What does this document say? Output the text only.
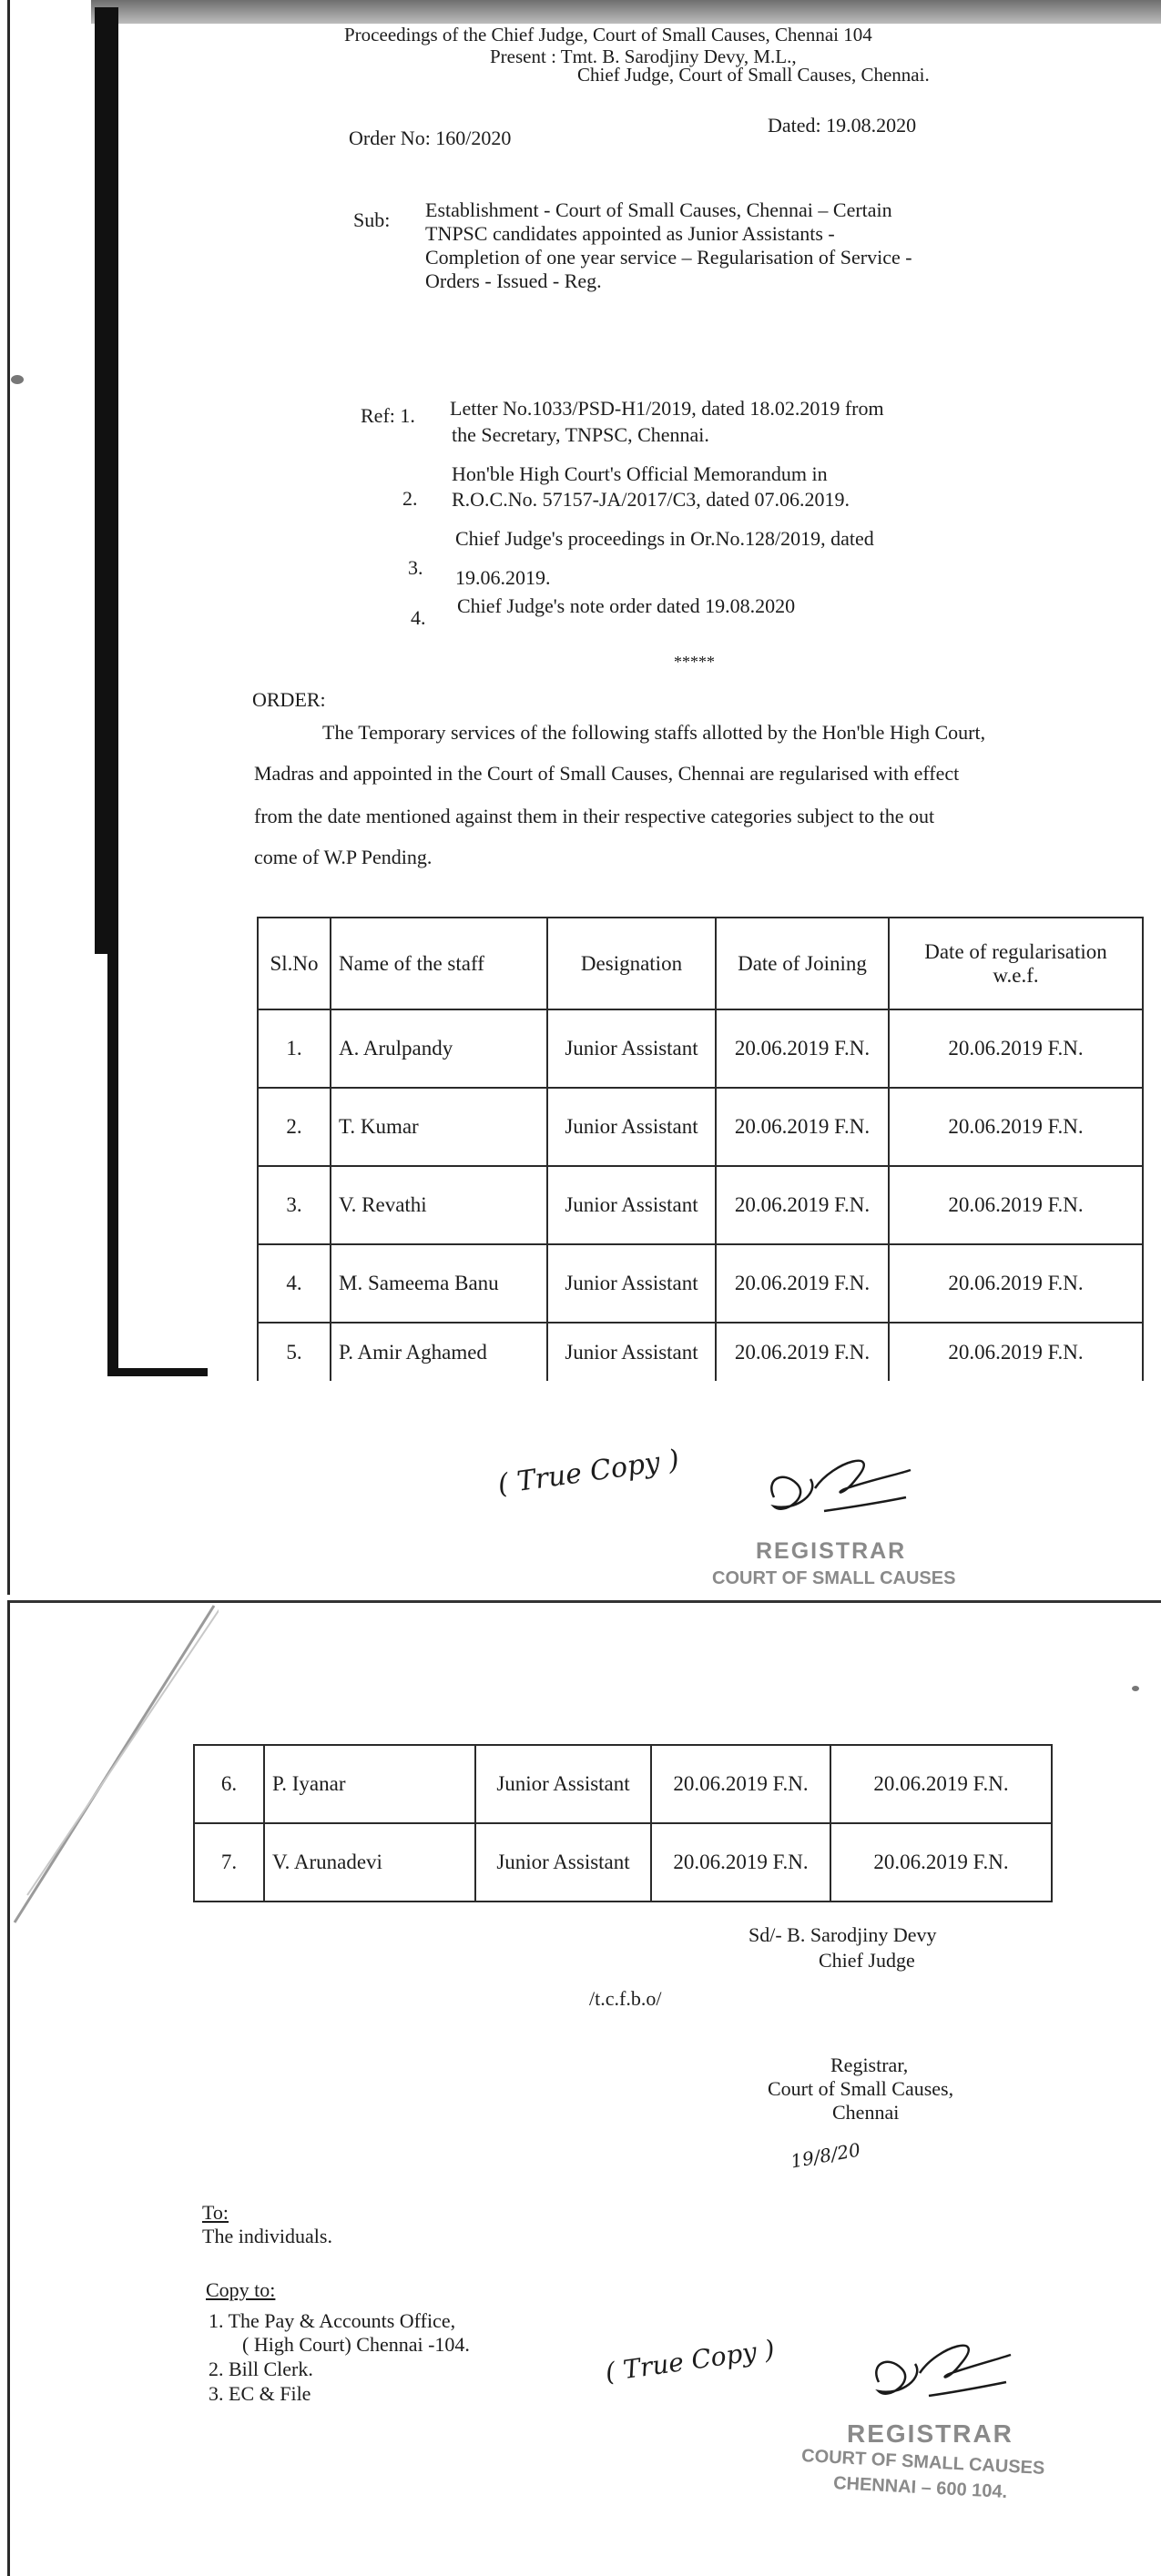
Proceedings of the Chief Judge, Court of Small Causes, Chennai 104
Present : Tmt. B. Sarodjiny Devy, M.L.,
Chief Judge, Court of Small Causes, Chennai.
Order No: 160/2020
Dated: 19.08.2020
Sub: Establishment - Court of Small Causes, Chennai – Certain
TNPSC candidates appointed as Junior Assistants -
Completion of one year service – Regularisation of Service -
Orders - Issued - Reg.
Ref: 1. Letter No.1033/PSD-H1/2019, dated 18.02.2019 from
the Secretary, TNPSC, Chennai.
2.
Hon'ble High Court's Official Memorandum in
R.O.C.No. 57157-JA/2017/C3, dated 07.06.2019.
3.
Chief Judge's proceedings in Or.No.128/2019, dated
19.06.2019.
4.
Chief Judge's note order dated 19.08.2020
*****
ORDER:
The Temporary services of the following staffs allotted by the Hon'ble High Court,
Madras and appointed in the Court of Small Causes, Chennai are regularised with effect
from the date mentioned against them in their respective categories subject to the out
come of W.P Pending.
Sl.No	Name of the staff	Designation	Date of Joining	Date of regularisation
w.e.f.

1.	A. Arulpandy	Junior Assistant	20.06.2019 F.N.	20.06.2019 F.N.
2.	T. Kumar	Junior Assistant	20.06.2019 F.N.	20.06.2019 F.N.
3.	V. Revathi	Junior Assistant	20.06.2019 F.N.	20.06.2019 F.N.
4.	M. Sameema Banu	Junior Assistant	20.06.2019 F.N.	20.06.2019 F.N.
5.	P. Amir Aghamed	Junior Assistant	20.06.2019 F.N.	20.06.2019 F.N.
( True Copy )
REGISTRAR
COURT OF SMALL CAUSES
6.	P. Iyanar	Junior Assistant	20.06.2019 F.N.	20.06.2019 F.N.
7.	V. Arunadevi	Junior Assistant	20.06.2019 F.N.	20.06.2019 F.N.
Sd/- B. Sarodjiny Devy
Chief Judge
/t.c.f.b.o/
Registrar,
Court of Small Causes,
Chennai
19/8/20
To:
The individuals.
Copy to:
1. The Pay & Accounts Office,
( High Court) Chennai -104.
2. Bill Clerk.
3. EC & File
( True Copy )
REGISTRAR
COURT OF SMALL CAUSES
CHENNAI – 600 104.
